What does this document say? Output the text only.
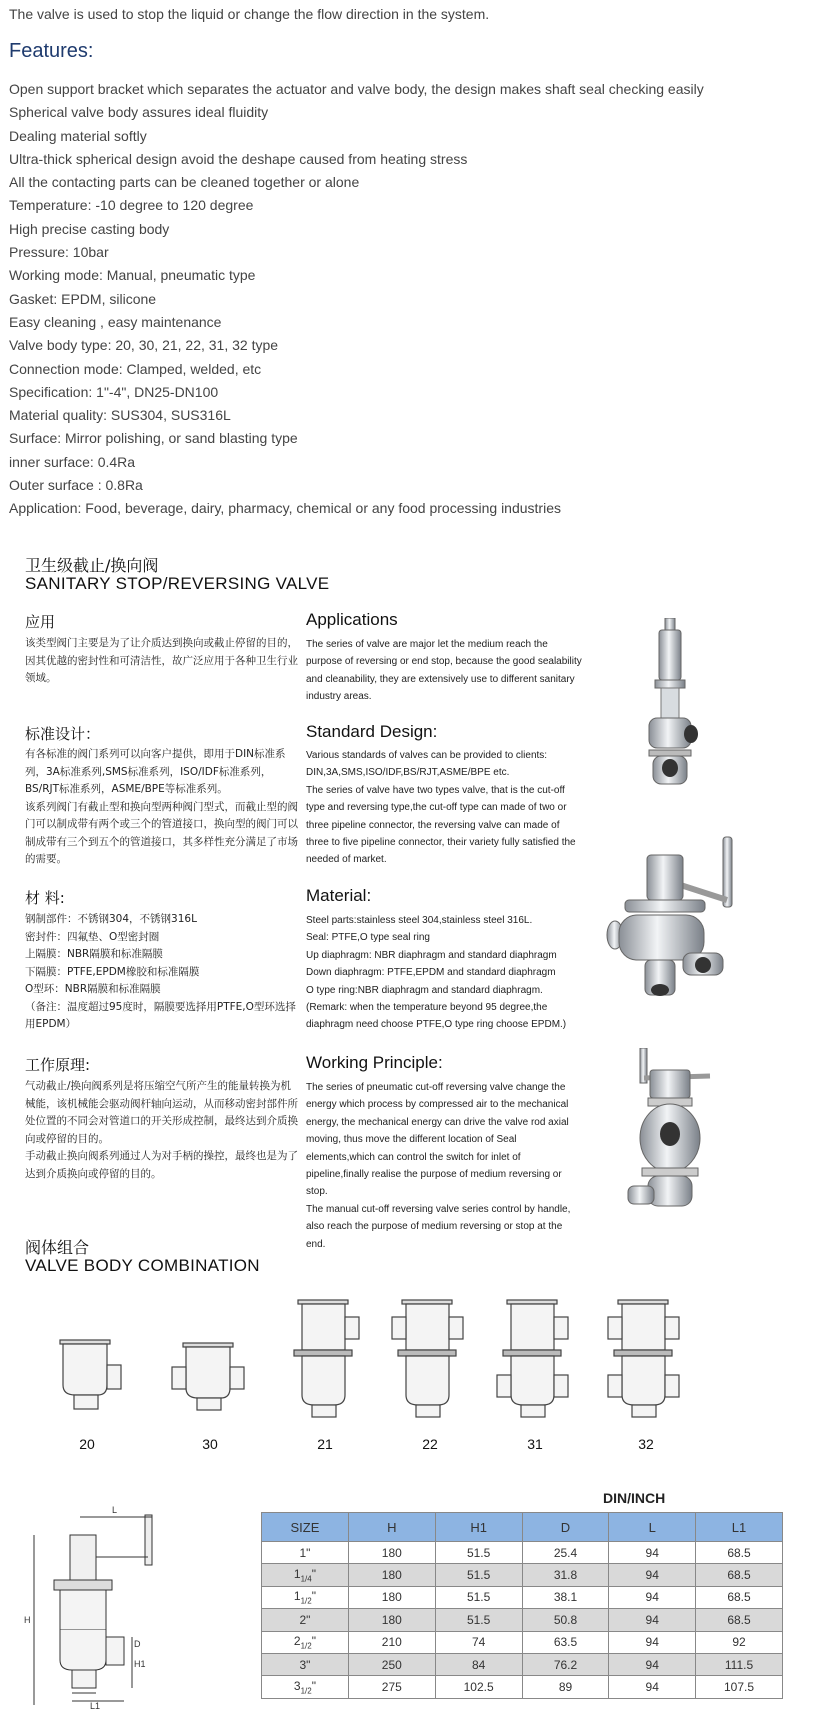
The valve is used to stop the liquid or change the flow direction in the system.
Features:
Open support bracket which separates the actuator and valve body, the design makes shaft seal checking easily
Spherical valve body assures ideal fluidity
Dealing material softly
Ultra-thick spherical design avoid the deshape caused from heating stress
All the contacting parts can be cleaned together or alone
Temperature: -10 degree to 120 degree
High precise casting body
Pressure: 10bar
Working mode: Manual, pneumatic type
Gasket: EPDM, silicone
Easy cleaning , easy maintenance
Valve body type: 20, 30, 21, 22, 31, 32 type
Connection mode: Clamped, welded, etc
Specification: 1"-4", DN25-DN100
Material quality: SUS304, SUS316L
Surface: Mirror polishing, or sand blasting type
inner surface: 0.4Ra
Outer surface : 0.8Ra
Application: Food, beverage, dairy, pharmacy, chemical or any food processing industries
卫生级截止/换向阀
SANITARY STOP/REVERSING VALVE
应用	Applications
该类型阀门主要是为了让介质达到换向或截止停留的目的，因其优越的密封性和可清洁性，故广泛应用于各种卫生行业领域。
The series of valve are major let the medium reach the purpose of reversing or end stop, because the good sealability and cleanability, they are extensively use to different sanitary industry areas.
标准设计：	Standard Design:
有各标准的阀门系列可以向客户提供，即用于DIN标准系列，3A标准系列,SMS标准系列，ISO/IDF标准系列，BS/RJT标准系列，ASME/BPE等标准系列。
该系列阀门有截止型和换向型两种阀门型式，而截止型的阀门可以制成带有两个或三个的管道接口，换向型的阀门可以制成带有三个到五个的管道接口，其多样性充分满足了市场的需要。
Various standards of valves can be provided to clients: DIN,3A,SMS,ISO/IDF,BS/RJT,ASME/BPE etc.
The series of valve have two types valve, that is the cut-off type and reversing type,the cut-off type can made of two or three pipeline connector, the reversing valve can made of three to five pipeline connector, their variety fully satisfied the needed of market.
材 料:	Material:
钢制部件：不锈钢304，不锈钢316L
密封件：四氟垫、O型密封圈
上隔膜：NBR隔膜和标准隔膜
下隔膜：PTFE,EPDM橡胶和标准隔膜
O型环：NBR隔膜和标准隔膜
（备注：温度超过95度时，隔膜要选择用PTFE,O型环选择用EPDM）
Steel parts:stainless steel 304,stainless steel 316L.
Seal: PTFE,O type seal ring
Up diaphragm: NBR diaphragm and standard diaphragm
Down diaphragm: PTFE,EPDM and standard diaphragm
O type ring:NBR diaphragm and standard diaphragm.
(Remark: when the temperature beyond 95 degree,the diaphragm need choose PTFE,O type ring choose EPDM.)
工作原理:	Working Principle:
气动截止/换向阀系列是将压缩空气所产生的能量转换为机械能，该机械能会驱动阀杆轴向运动，从而移动密封部件所处位置的不同会对管道口的开关形成控制，最终达到介质换向或停留的目的。
手动截止换向阀系列通过人为对手柄的操控，最终也是为了达到介质换向或停留的目的。
The series of pneumatic cut-off reversing valve change the energy which process by compressed air to the mechanical energy, the mechanical energy can drive the valve rod axial moving, thus move the different location of Seal elements,which can control the switch for inlet of pipeline,finally realise the purpose of medium reversing or stop.
The manual cut-off reversing valve series control by handle, also reach the purpose of medium reversing or stop at the end.
阀体组合
VALVE BODY COMBINATION
20	30	21	22	31	32
L
H
H1
D
L1
DIN/INCH
SIZE	H	H1	D	L	L1
1"	180	51.5	25.4	94	68.5
$1_{1/4}$"	180	51.5	31.8	94	68.5
$1_{1/2}$"	180	51.5	38.1	94	68.5
2"	180	51.5	50.8	94	68.5
$2_{1/2}$"	210	74	63.5	94	92
3"	250	84	76.2	94	111.5
$3_{1/2}$"	275	102.5	89	94	107.5
